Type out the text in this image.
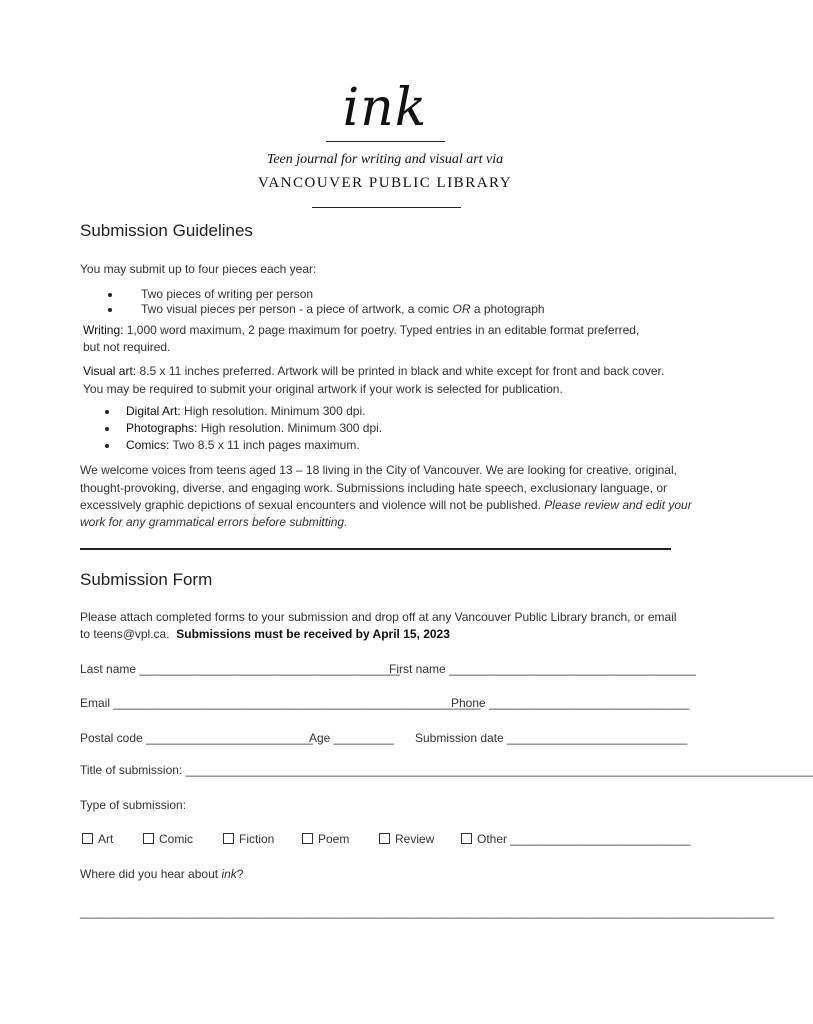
ink
Teen journal for writing and visual art via
VANCOUVER PUBLIC LIBRARY
Submission Guidelines
You may submit up to four pieces each year:
Two pieces of writing per person
Two visual pieces per person - a piece of artwork, a comic OR a photograph
Writing: 1,000 word maximum, 2 page maximum for poetry. Typed entries in an editable format preferred,
but not required.
Visual art: 8.5 x 11 inches preferred. Artwork will be printed in black and white except for front and back cover.
You may be required to submit your original artwork if your work is selected for publication.
Digital Art: High resolution. Minimum 300 dpi.
Photographs: High resolution. Minimum 300 dpi.
Comics: Two 8.5 x 11 inch pages maximum.
We welcome voices from teens aged 13 – 18 living in the City of Vancouver. We are looking for creative, original,
thought-provoking, diverse, and engaging work. Submissions including hate speech, exclusionary language, or
excessively graphic depictions of sexual encounters and violence will not be published. Please review and edit your
work for any grammatical errors before submitting.
Submission Form
Please attach completed forms to your submission and drop off at any Vancouver Public Library branch, or email
to teens@vpl.ca. Submissions must be received by April 15, 2023
Last name _______________________________________
First name _____________________________________
Email _______________________________________________________
Phone ______________________________
Postal code _________________________
Age _________ Submission date ___________________________
Title of submission: ______________________________________________________________________________________________
Type of submission:
Art	Comic	Fiction	Poem	Review	Other ___________________________
Where did you hear about ink?
________________________________________________________________________________________________________
